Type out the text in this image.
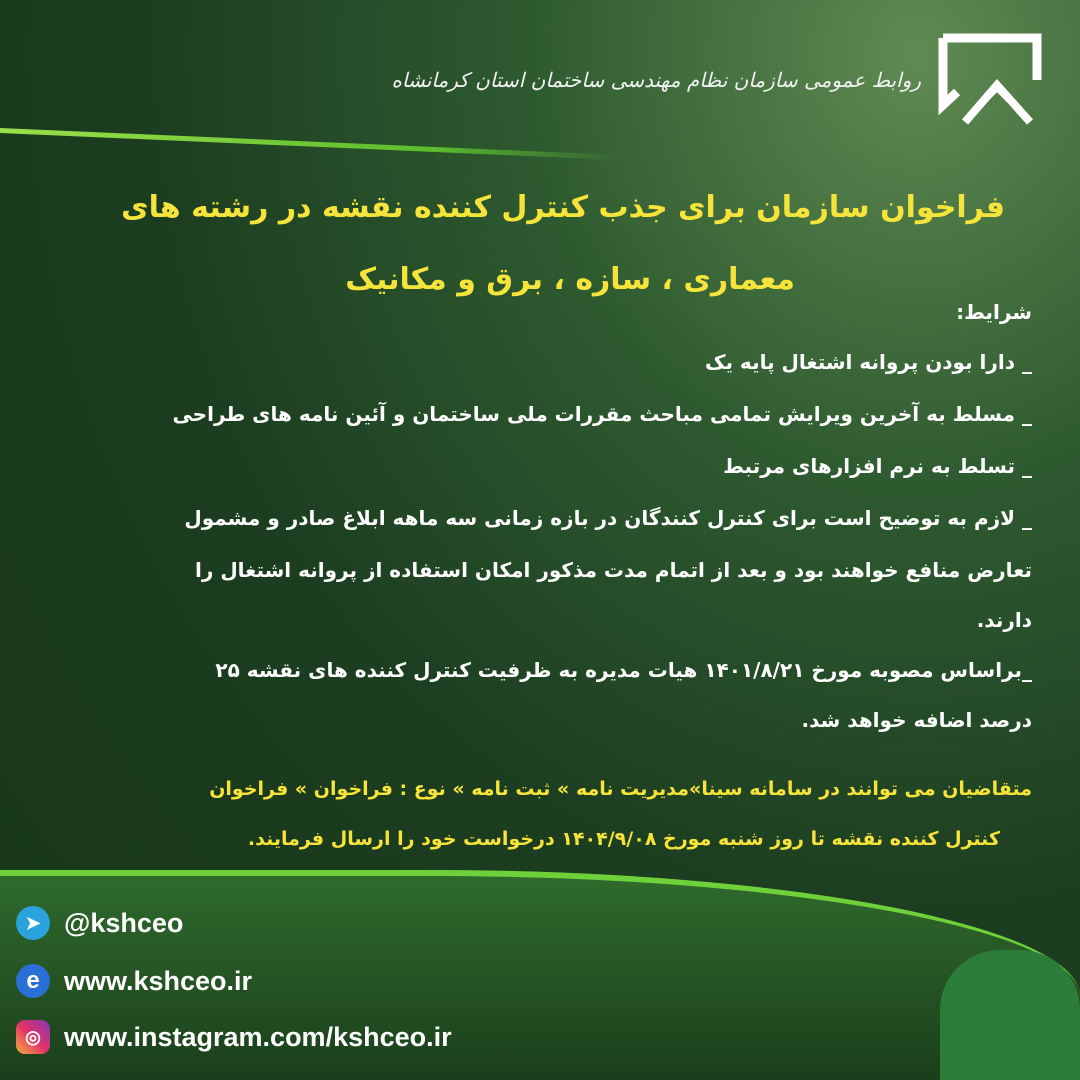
روابط عمومی سازمان نظام مهندسی ساختمان استان کرمانشاه
فراخوان سازمان برای جذب کنترل کننده نقشه در رشته های
معماری ، سازه ، برق و مکانیک
شرایط:
_ دارا بودن پروانه اشتغال پایه یک
_ مسلط به آخرین ویرایش تمامی مباحث مقررات ملی ساختمان و آئین نامه های طراحی
_ تسلط به نرم افزارهای مرتبط
_ لازم به توضیح است برای کنترل کنندگان در بازه زمانی سه ماهه ابلاغ صادر و مشمول
تعارض منافع خواهند بود و بعد از اتمام مدت مذکور امکان استفاده از پروانه اشتغال را
دارند.
_براساس مصوبه مورخ ۱۴۰۱/۸/۲۱ هیات مدیره به ظرفیت کنترل کننده های نقشه ۲۵
درصد اضافه خواهد شد.
متقاضیان می توانند در سامانه سینا»مدیریت نامه » ثبت نامه » نوع : فراخوان » فراخوان
کنترل کننده نقشه تا روز شنبه مورخ ۱۴۰۴/۹/۰۸ درخواست خود را ارسال فرمایند.
➤ @kshceo
e www.kshceo.ir
◎ www.instagram.com/kshceo.ir
